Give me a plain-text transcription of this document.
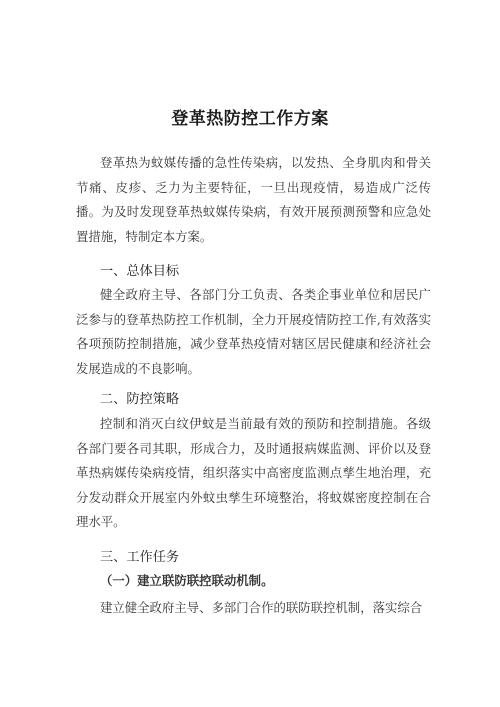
登革热防控工作方案

登革热为蚊媒传播的急性传染病，以发热、全身肌肉和骨关节痛、皮疹、乏力为主要特征，一旦出现疫情，易造成广泛传播。为及时发现登革热蚊媒传染病，有效开展预测预警和应急处置措施，特制定本方案。

一、总体目标

健全政府主导、各部门分工负责、各类企事业单位和居民广泛参与的登革热防控工作机制，全力开展疫情防控工作,有效落实各项预防控制措施，减少登革热疫情对辖区居民健康和经济社会发展造成的不良影响。

二、防控策略

控制和消灭白纹伊蚊是当前最有效的预防和控制措施。各级各部门要各司其职，形成合力，及时通报病媒监测、评价以及登革热病媒传染病疫情，组织落实中高密度监测点孳生地治理，充分发动群众开展室内外蚊虫孳生环境整治，将蚊媒密度控制在合理水平。

三、工作任务
（一）建立联防联控联动机制。

建立健全政府主导、多部门合作的联防联控机制，落实综合
